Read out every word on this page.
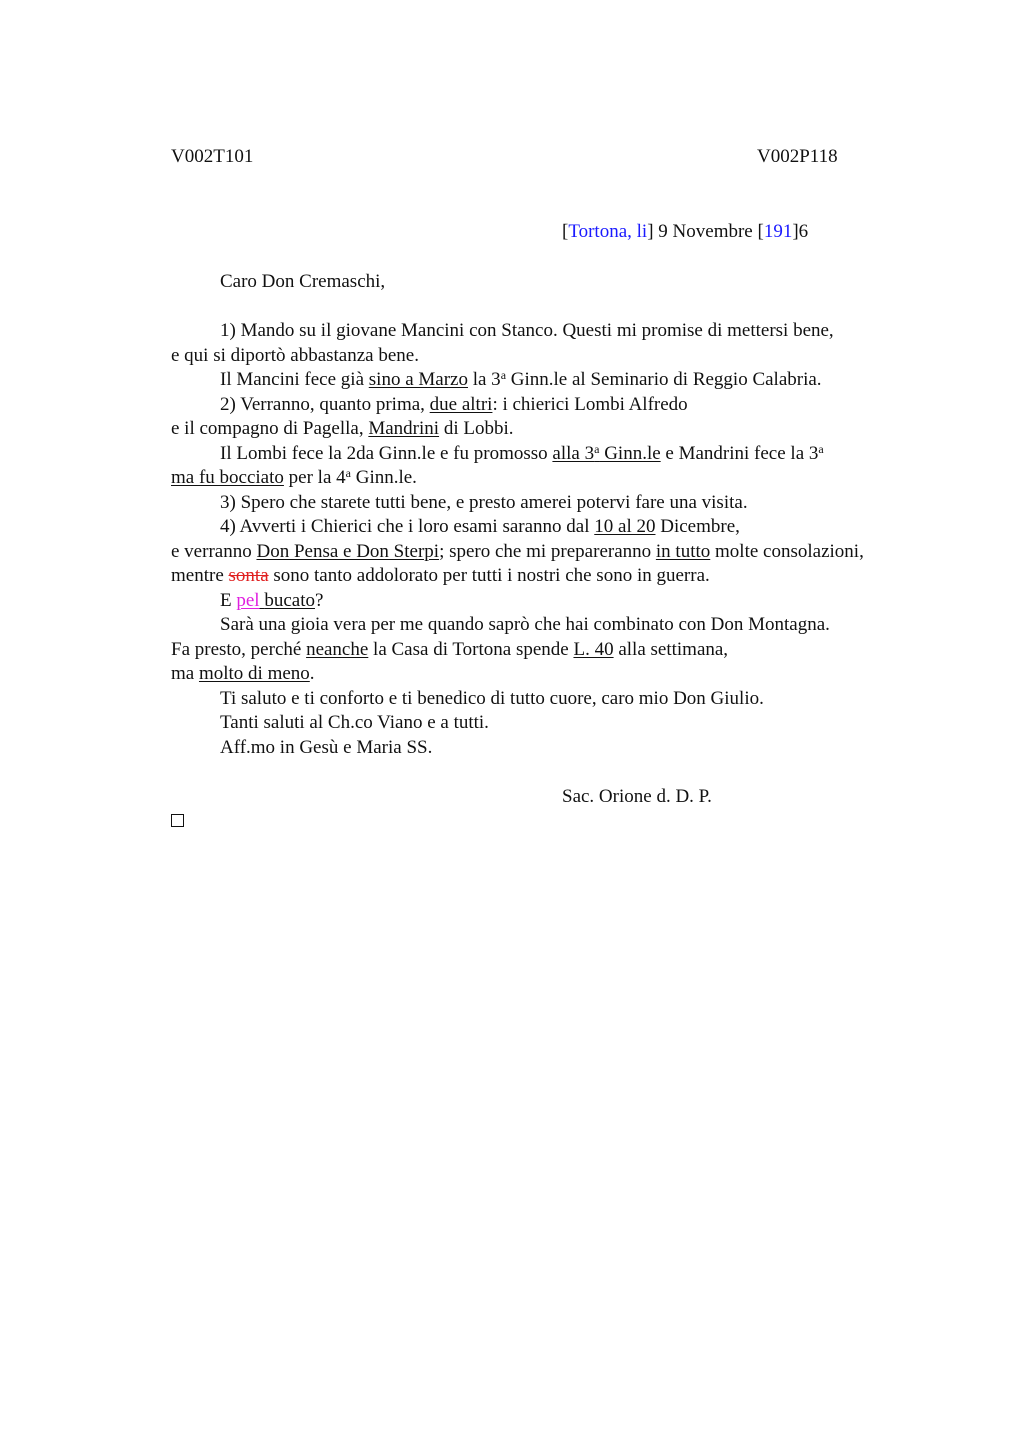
V002T101	V002P118
[Tortona, li] 9 Novembre [191]6

Caro Don Cremaschi,

1) Mando su il giovane Mancini con Stanco. Questi mi promise di mettersi bene,

e qui si diportò abbastanza bene.

Il Mancini fece già sino a Marzo la 3$^a$ Ginn.le al Seminario di Reggio Calabria.

2) Verranno, quanto prima, due altri: i chierici Lombi Alfredo

e il compagno di Pagella, Mandrini di Lobbi.

Il Lombi fece la 2da Ginn.le e fu promosso alla 3$^a$ Ginn.le e Mandrini fece la 3$^a$

ma fu bocciato per la 4$^a$ Ginn.le.

3) Spero che starete tutti bene, e presto amerei potervi fare una visita.

4) Avverti i Chierici che i loro esami saranno dal 10 al 20 Dicembre,

e verranno Don Pensa e Don Sterpi; spero che mi prepareranno in tutto molte consolazioni,

mentre sonta sono tanto addolorato per tutti i nostri che sono in guerra.

E pel bucato?

Sarà una gioia vera per me quando saprò che hai combinato con Don Montagna.

Fa presto, perché neanche la Casa di Tortona spende L. 40 alla settimana,

ma molto di meno.

Ti saluto e ti conforto e ti benedico di tutto cuore, caro mio Don Giulio.

Tanti saluti al Ch.co Viano e a tutti.

Aff.mo in Gesù e Maria SS.

Sac. Orione d. D. P.
